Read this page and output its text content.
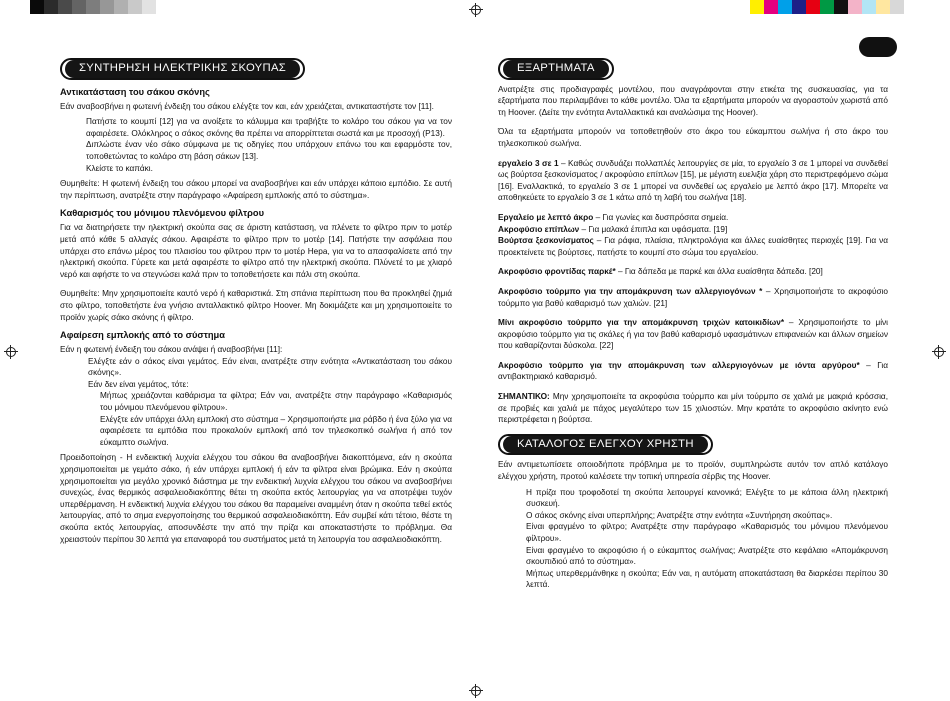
ΣΥΝΤΗΡΗΣΗ ΗΛΕΚΤΡΙΚΗΣ ΣΚΟΥΠΑΣ
Αντικατάσταση του σάκου σκόνης

Εάν αναβοσβήνει η φωτεινή ένδειξη του σάκου ελέγξτε τον και, εάν χρειάζεται, αντικαταστήστε τον [11].

Πατήστε το κουμπί [12] για να ανοίξετε το κάλυμμα και τραβήξτε το κολάρο του σάκου για να τον αφαιρέσετε. Ολόκληρος ο σάκος σκόνης θα πρέπει να απορρίπτεται σωστά και με προσοχή (P13).

Διπλώστε έναν νέο σάκο σύμφωνα με τις οδηγίες που υπάρχουν επάνω του και εφαρμόστε τον, τοποθετώντας το κολάρο στη βάση σάκων [13].

Κλείστε το καπάκι.

Θυμηθείτε: Η φωτεινή ένδειξη του σάκου μπορεί να αναβοσβήνει και εάν υπάρχει κάποιο εμπόδιο. Σε αυτή την περίπτωση, ανατρέξτε στην παράγραφο «Αφαίρεση εμπλοκής από το σύστημα».

Καθαρισμός του μόνιμου πλενόμενου φίλτρου

Για να διατηρήσετε την ηλεκτρική σκούπα σας σε άριστη κατάσταση, να πλένετε το φίλτρο πριν το μοτέρ μετά από κάθε 5 αλλαγές σάκου. Αφαιρέστε το φίλτρο πριν το μοτέρ [14]. Πατήστε την ασφάλεια που υπάρχει στο επάνω μέρος του πλαισίου του φίλτρου πριν το μοτέρ Hepa, για να το απασφαλίσετε από την ηλεκτρική σκούπα. Γύρετε και μετά αφαιρέστε το φίλτρο από την ηλεκτρική σκούπα. Πλύνετέ το με χλιαρό νερό και αφήστε το να στεγνώσει καλά πριν το τοποθετήσετε και πάλι στη σκούπα.

Θυμηθείτε: Μην χρησιμοποιείτε καυτό νερό ή καθαριστικά. Στη σπάνια περίπτωση που θα προκληθεί ζημιά στο φίλτρο, τοποθετήστε ένα γνήσιο ανταλλακτικό φίλτρο Hoover. Μη δοκιμάζετε και μη χρησιμοποιείτε το προϊόν χωρίς σάκο σκόνης ή φίλτρο.

Αφαίρεση εμπλοκής από το σύστημα

Εάν η φωτεινή ένδειξη του σάκου ανάψει ή αναβοσβήνει [11]:

Ελέγξτε εάν ο σάκος είναι γεμάτος. Εάν είναι, ανατρέξτε στην ενότητα «Αντικατάσταση του σάκου σκόνης».

Εάν δεν είναι γεμάτος, τότε:

Μήπως χρειάζονται καθάρισμα τα φίλτρα; Εάν ναι, ανατρέξτε στην παράγραφο «Καθαρισμός του μόνιμου πλενόμενου φίλτρου».

Ελέγξτε εάν υπάρχει άλλη εμπλοκή στο σύστημα – Χρησιμοποιήστε μια ράβδο ή ένα ξύλο για να αφαιρέσετε τα εμπόδια που προκαλούν εμπλοκή από τον τηλεσκοπικό σωλήνα ή από τον εύκαμπτο σωλήνα.

Προειδοποίηση - Η ενδεικτική λυχνία ελέγχου του σάκου θα αναβοσβήνει διακοπτόμενα, εάν η σκούπα χρησιμοποιείται με γεμάτο σάκο, ή εάν υπάρχει εμπλοκή ή εάν τα φίλτρα είναι βρώμικα. Εάν η σκούπα χρησιμοποιείται για μεγάλο χρονικό διάστημα με την ενδεικτική λυχνία ελέγχου του σάκου να αναβοσβήνει συνεχώς, ένας θερμικός ασφαλειοδιακόπτης θέτει τη σκούπα εκτός λειτουργίας για να αποτρέψει τυχόν υπερθέρμανση. Η ενδεικτική λυχνία ελέγχου του σάκου θα παραμείνει αναμμένη όταν η σκούπα τεθεί εκτός λειτουργίας, από το σημα ενεργοποίησης του θερμικού ασφαλειοδιακόπτη. Εάν συμβεί κάτι τέτοιο, θέστε τη σκούπα εκτός λειτουργίας, αποσυνδέστε την από την πρίζα και αποκαταστήστε το πρόβλημα. Θα χρειαστούν περίπου 30 λεπτά για επαναφορά του συστήματος μετά τη λειτουργία του ασφαλειοδιακόπτη.

ΕΞΑΡΤΗΜΑΤΑ

Ανατρέξτε στις προδιαγραφές μοντέλου, που αναγράφονται στην ετικέτα της συσκευασίας, για τα εξαρτήματα που περιλαμβάνει το κάθε μοντέλο. Όλα τα εξαρτήματα μπορούν να αγοραστούν χωριστά από τη Hoover. (Δείτε την ενότητα Ανταλλακτικά και αναλώσιμα της Hoover).

Όλα τα εξαρτήματα μπορούν να τοποθετηθούν στο άκρο του εύκαμπτου σωλήνα ή στο άκρο του τηλεσκοπικού σωλήνα.

εργαλείο 3 σε 1 – Καθώς συνδυάζει πολλαπλές λειτουργίες σε μία, το εργαλείο 3 σε 1 μπορεί να συνδεθεί ως βούρτσα ξεσκονίσματος / ακροφύσιο επίπλων [15], με μέγιστη ευελιξία χάρη στο περιστρεφόμενο σώμα [16]. Εναλλακτικά, το εργαλείο 3 σε 1 μπορεί να συνδεθεί ως εργαλείο με λεπτό άκρο [17]. Μπορείτε να αποθηκεύετε το εργαλείο 3 σε 1 κάτω από τη λαβή του σωλήνα [18].

Εργαλείο με λεπτό άκρο – Για γωνίες και δυσπρόσιτα σημεία.

Ακροφύσιο επίπλων – Για μαλακά έπιπλα και υφάσματα. [19]

Βούρτσα ξεσκονίσματος – Για ράφια, πλαίσια, πληκτρολόγια και άλλες ευαίσθητες περιοχές [19]. Για να προεκτείνετε τις βούρτσες, πατήστε το κουμπί στο σώμα του εργαλείου.

Ακροφύσιο φροντίδας παρκέ* – Για δάπεδα με παρκέ και άλλα ευαίσθητα δάπεδα. [20]

Ακροφύσιο τούρμπο για την απομάκρυνση των αλλεργιογόνων * – Χρησιμοποιήστε το ακροφύσιο τούρμπο για βαθύ καθαρισμό των χαλιών. [21]

Μίνι ακροφύσιο τούρμπο για την απομάκρυνση τριχών κατοικιδίων* – Χρησιμοποιήστε το μίνι ακροφύσιο τούρμπο για τις σκάλες ή για τον βαθύ καθαρισμό υφασμάτινων επιφανειών και άλλων σημείων που καθαρίζονται δύσκολα. [22]

Ακροφύσιο τούρμπο για την απομάκρυνση των αλλεργιογόνων με ιόντα αργύρου* – Για αντιβακτηριακό καθαρισμό.

ΣΗΜΑΝΤΙΚΟ: Μην χρησιμοποιείτε τα ακροφύσια τούρμπο και μίνι τούρμπο σε χαλιά με μακριά κρόσσια, σε προβιές και χαλιά με πάχος μεγαλύτερο των 15 χιλιοστών. Μην κρατάτε το ακροφύσιο ακίνητο ενώ περιστρέφεται η βούρτσα.

ΚΑΤΑΛΟΓΟΣ ΕΛΕΓΧΟΥ ΧΡΗΣΤΗ

Εάν αντιμετωπίσετε οποιοδήποτε πρόβλημα με το προϊόν, συμπληρώστε αυτόν τον απλό κατάλογο ελέγχου χρήστη, προτού καλέσετε την τοπική υπηρεσία σέρβις της Hoover.

Η πρίζα που τροφοδοτεί τη σκούπα λειτουργεί κανονικά; Ελέγξτε το με κάποια άλλη ηλεκτρική συσκευή.

Ο σάκος σκόνης είναι υπερπλήρης; Ανατρέξτε στην ενότητα «Συντήρηση σκούπας».

Είναι φραγμένο το φίλτρο; Ανατρέξτε στην παράγραφο «Καθαρισμός του μόνιμου πλενόμενου φίλτρου».

Είναι φραγμένο το ακροφύσιο ή ο εύκαμπτος σωλήνας; Ανατρέξτε στο κεφάλαιο «Απομάκρυνση σκουπιδιού από το σύστημα».

Μήπως υπερθερμάνθηκε η σκούπα; Εάν ναι, η αυτόματη αποκατάσταση θα διαρκέσει περίπου 30 λεπτά.
